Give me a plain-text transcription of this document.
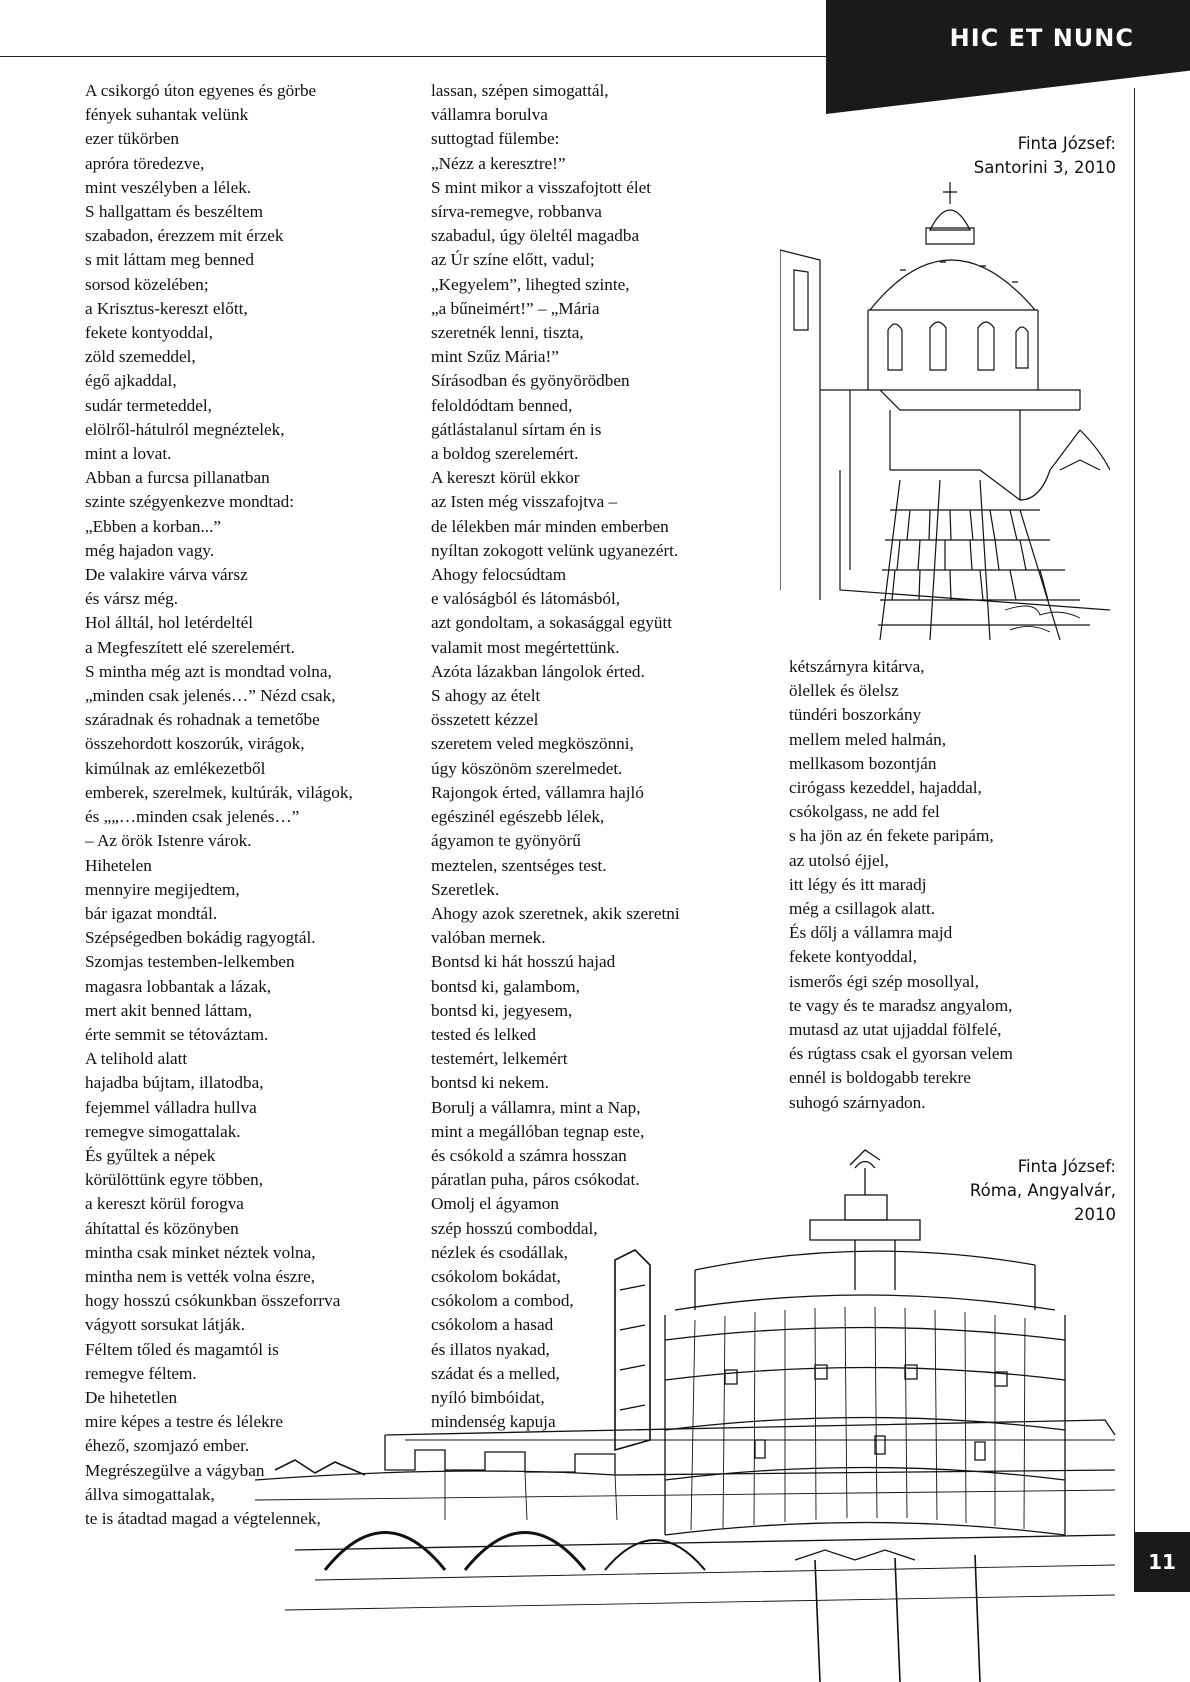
HIC ET NUNC
A csikorgó úton egyenes és görbe
fények suhantak velünk
ezer tükörben
apróra töredezve,
mint veszélyben a lélek.
S hallgattam és beszéltem
szabadon, érezzem mit érzek
s mit láttam meg benned
sorsod közelében;
a Krisztus-kereszt előtt,
fekete kontyoddal,
zöld szemeddel,
égő ajkaddal,
sudár termeteddel,
elölről-hátulról megnéztelek,
mint a lovat.
Abban a furcsa pillanatban
szinte szégyenkezve mondtad:
„Ebben a korban...”
még hajadon vagy.
De valakire várva vársz
és vársz még.
Hol álltál, hol letérdeltél
a Megfeszített elé szerelemért.
S mintha még azt is mondtad volna,
„minden csak jelenés…” Nézd csak,
száradnak és rohadnak a temetőbe
összehordott koszorúk, virágok,
kimúlnak az emlékezetből
emberek, szerelmek, kultúrák, világok,
és „„…minden csak jelenés…”
– Az örök Istenre várok.
Hihetelen
mennyire megijedtem,
bár igazat mondtál.
Szépségedben bokádig ragyogtál.
Szomjas testemben-lelkemben
magasra lobbantak a lázak,
mert akit benned láttam,
érte semmit se tétováztam.
A telihold alatt
hajadba bújtam, illatodba,
fejemmel válladra hullva
remegve simogattalak.
És gyűltek a népek
körülöttünk egyre többen,
a kereszt körül forogva
áhítattal és közönyben
mintha csak minket néztek volna,
mintha nem is vették volna észre,
hogy hosszú csókunkban összeforrva
vágyott sorsukat látják.
Féltem tőled és magamtól is
remegve féltem.
De hihetetlen
mire képes a testre és lélekre
éhező, szomjazó ember.
Megrészegülve a vágyban
állva simogattalak,
te is átadtad magad a végtelennek,
lassan, szépen simogattál,
vállamra borulva
suttogtad fülembe:
„Nézz a keresztre!”
S mint mikor a visszafojtott élet
sírva-remegve, robbanva
szabadul, úgy öleltél magadba
az Úr színe előtt, vadul;
„Kegyelem”, lihegted szinte,
„a bűneimért!” – „Mária
szeretnék lenni, tiszta,
mint Szűz Mária!”
Sírásodban és gyönyörödben
feloldódtam benned,
gátlástalanul sírtam én is
a boldog szerelemért.
A kereszt körül ekkor
az Isten még visszafojtva –
de lélekben már minden emberben
nyíltan zokogott velünk ugyanezért.
Ahogy felocsúdtam
e valóságból és látomásból,
azt gondoltam, a sokasággal együtt
valamit most megértettünk.
Azóta lázakban lángolok érted.
S ahogy az ételt
összetett kézzel
szeretem veled megköszönni,
úgy köszönöm szerelmedet.
Rajongok érted, vállamra hajló
egészinél egészebb lélek,
ágyamon te gyönyörű
meztelen, szentséges test.
Szeretlek.
Ahogy azok szeretnek, akik szeretni
valóban mernek.
Bontsd ki hát hosszú hajad
bontsd ki, galambom,
bontsd ki, jegyesem,
tested és lelked
testemért, lelkemért
bontsd ki nekem.
Borulj a vállamra, mint a Nap,
mint a megállóban tegnap este,
és csókold a számra hosszan
páratlan puha, páros csókodat.
Omolj el ágyamon
szép hosszú comboddal,
nézlek és csodállak,
csókolom bokádat,
csókolom a combod,
csókolom a hasad
és illatos nyakad,
szádat és a melled,
nyíló bimbóidat,
mindenség kapuja
kétszárnyra kitárva,
ölellek és ölelsz
tündéri boszorkány
mellem meled halmán,
mellkasom bozontján
cirógass kezeddel, hajaddal,
csókolgass, ne add fel
s ha jön az én fekete paripám,
az utolsó éjjel,
itt légy és itt maradj
még a csillagok alatt.
És dőlj a vállamra majd
fekete kontyoddal,
ismerős égi szép mosollyal,
te vagy és te maradsz angyalom,
mutasd az utat ujjaddal fölfelé,
és rúgtass csak el gyorsan velem
ennél is boldogabb terekre
suhogó szárnyadon.
Finta József:
Santorini 3, 2010
Finta József:
Róma, Angyalvár,
2010
11
